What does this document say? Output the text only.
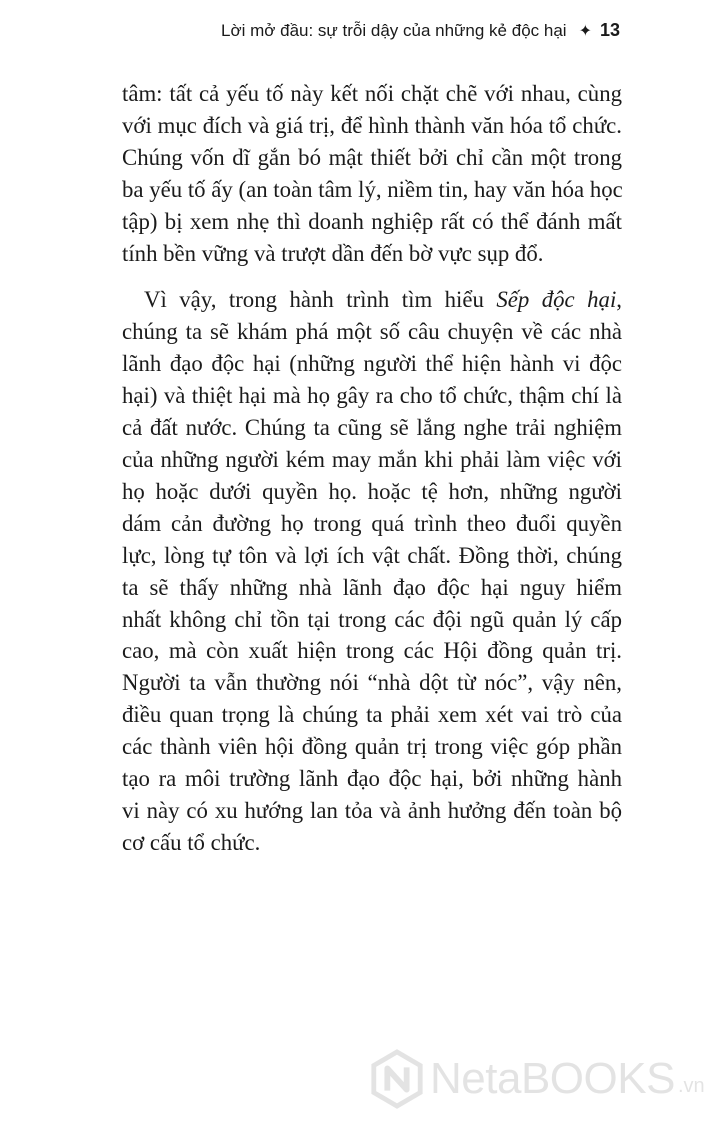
Lời mở đầu: sự trỗi dậy của những kẻ độc hại ✦ 13
tâm: tất cả yếu tố này kết nối chặt chẽ với nhau, cùng
với mục đích và giá trị, để hình thành văn hóa tổ chức.
Chúng vốn dĩ gắn bó mật thiết bởi chỉ cần một trong
ba yếu tố ấy (an toàn tâm lý, niềm tin, hay văn hóa học
tập) bị xem nhẹ thì doanh nghiệp rất có thể đánh mất
tính bền vững và trượt dần đến bờ vực sụp đổ.
Vì vậy, trong hành trình tìm hiểu Sếp độc hại,
chúng ta sẽ khám phá một số câu chuyện về các nhà
lãnh đạo độc hại (những người thể hiện hành vi độc
hại) và thiệt hại mà họ gây ra cho tổ chức, thậm chí là
cả đất nước. Chúng ta cũng sẽ lắng nghe trải nghiệm
của những người kém may mắn khi phải làm việc với
họ hoặc dưới quyền họ. hoặc tệ hơn, những người
dám cản đường họ trong quá trình theo đuổi quyền
lực, lòng tự tôn và lợi ích vật chất. Đồng thời, chúng
ta sẽ thấy những nhà lãnh đạo độc hại nguy hiểm
nhất không chỉ tồn tại trong các đội ngũ quản lý cấp
cao, mà còn xuất hiện trong các Hội đồng quản trị.
Người ta vẫn thường nói “nhà dột từ nóc”, vậy nên,
điều quan trọng là chúng ta phải xem xét vai trò của
các thành viên hội đồng quản trị trong việc góp phần
tạo ra môi trường lãnh đạo độc hại, bởi những hành
vi này có xu hướng lan tỏa và ảnh hưởng đến toàn bộ
cơ cấu tổ chức.
NetaBOOKS .vn
